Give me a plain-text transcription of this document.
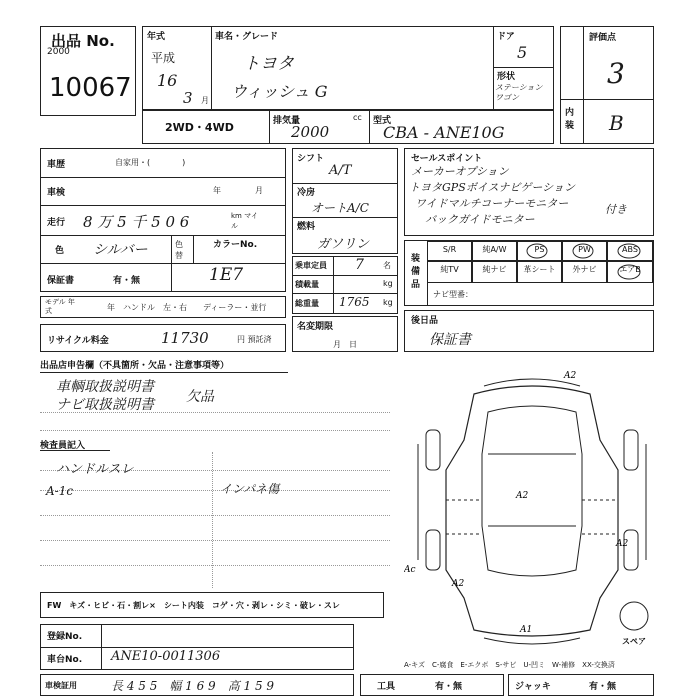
出品 No.
2000
10067
年式
平成
16
3 月
車名・グレード
トヨタ
ウィッシュ G
ドア
5
形状
ステーション ワゴン
評価点
3
内装 B
2WD・4WD	排気量
2000
cc 型式
CBA - ANE10G
車歴	自家用・(　　　　)
車検	年	月
走行 8 万 5 千 5 0 6	km マイル
色 シルバー	色替
カラーNo.
保証書	有・無	1E7
モデル 年式	年　ハンドル　左・右　　ディーラー・並行
リサイクル料金	11730	円 預託済
シフト
A/T
冷房
オートA/C
燃料
ガソリン
乗車定員 7 名
積載量	kg
総重量 1765 kg
名変期限
月　日
セールスポイント
メーカーオプション
トヨタGPSボイスナビゲーション
ワイドマルチコーナーモニター
バックガイドモニター
付き
装備品
S/R	純A/W	PS	PW	ABS
純TV	純ナビ	革シート	外ナビ	エアB
ナビ型番：
後日品
保証書
出品店申告欄（不具箇所・欠品・注意事項等）
車輌取扱説明書
ナビ取扱説明書 欠品
検査員記入
ハンドルスレ
A-1c	インパネ傷
FW　キズ・ヒビ・石・割レ×　シート内装　コゲ・穴・剥レ・シミ・破レ・スレ
A2
A2
A2
Ac
A2
A1
スペア
A-キズ　C-腐食　E-エクボ　S-サビ　U-凹ミ　W-補修　XX-交換済
登録No.
車台No. ANE10-0011306
車検証用	長 4 5 5　幅 1 6 9　高 1 5 9	工具	有・無	ジャッキ	有・無
